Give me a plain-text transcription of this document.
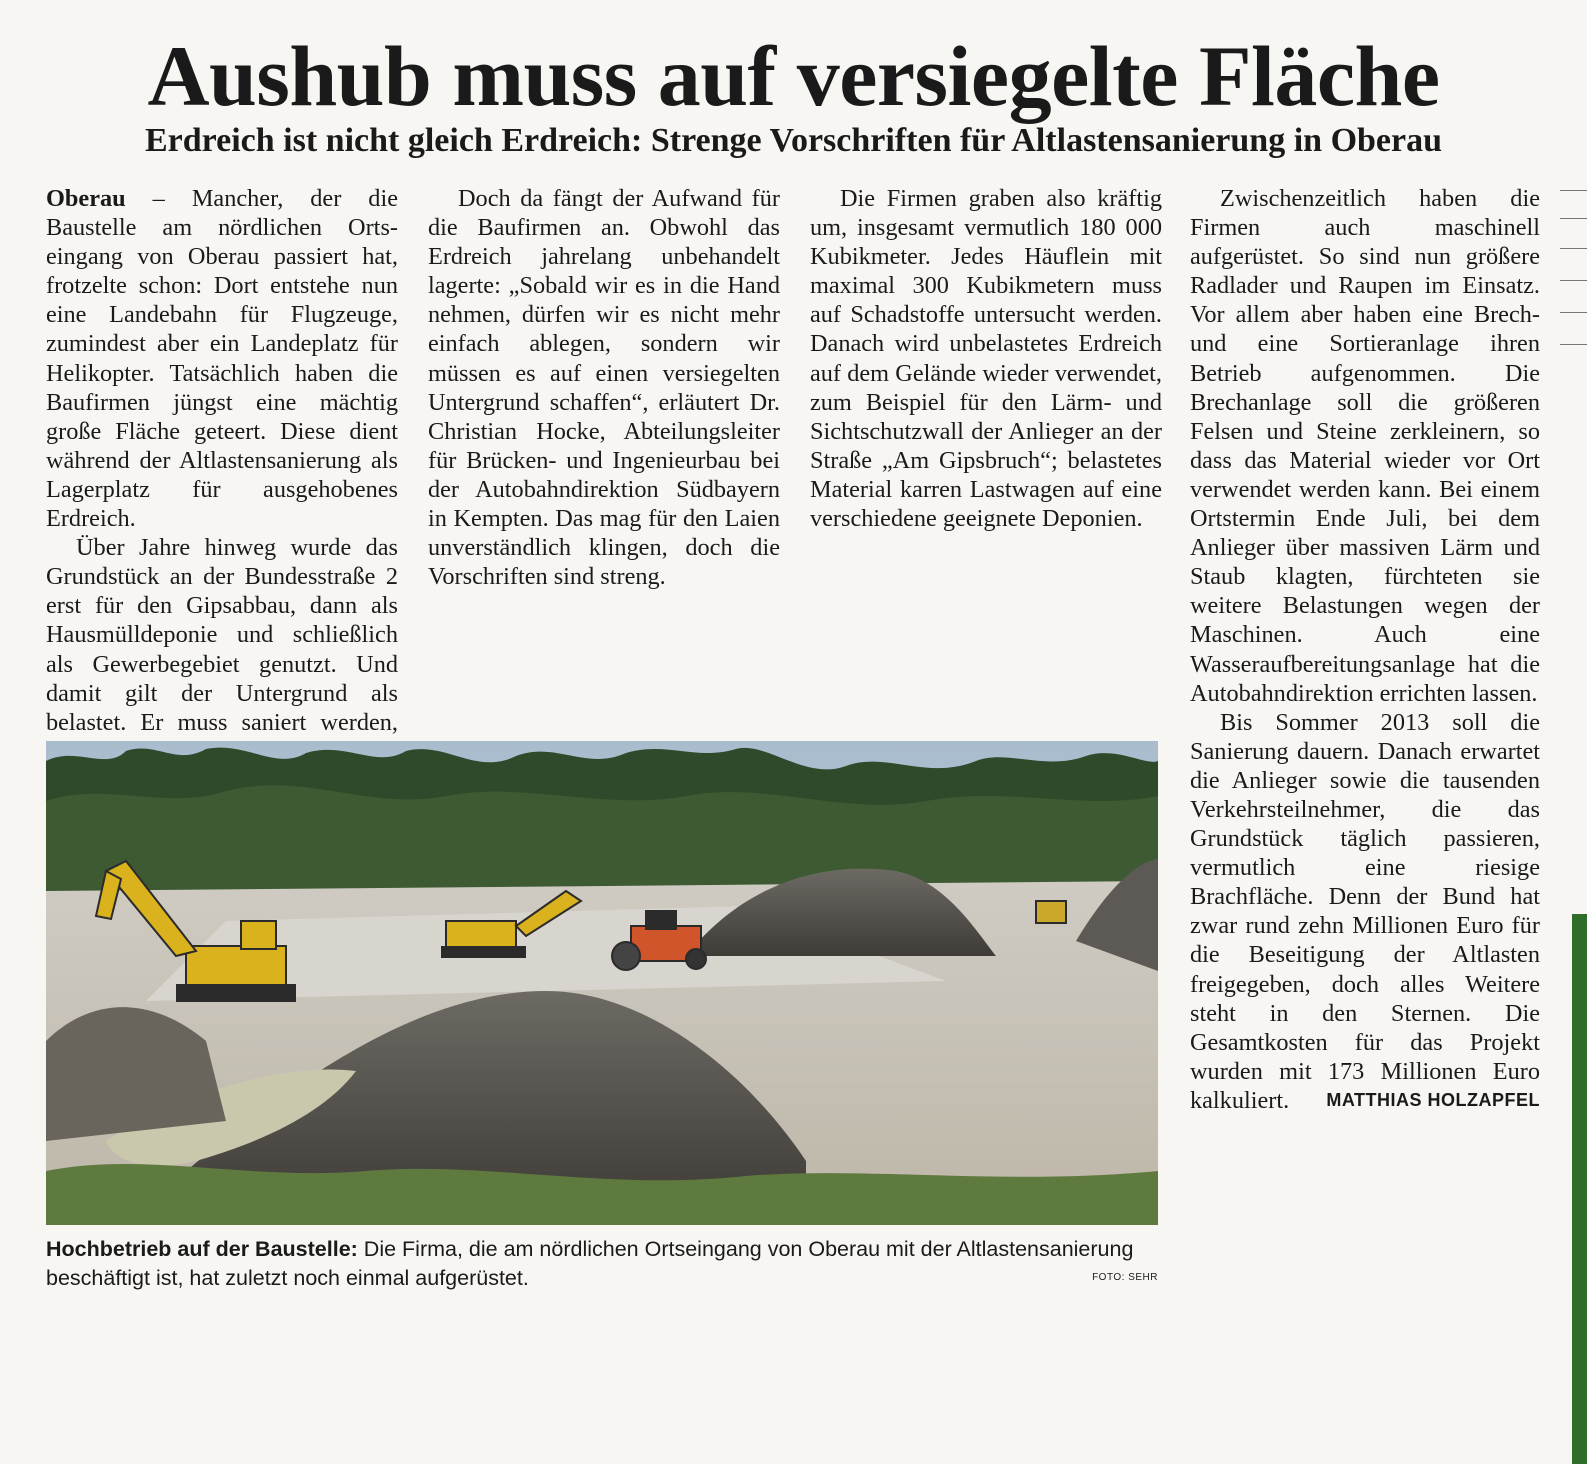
Aushub muss auf versiegelte Fläche
Erdreich ist nicht gleich Erdreich: Strenge Vorschriften für Altlastensanierung in Oberau

Oberau – Mancher, der die Baustelle am nördlichen Ortseingang von Oberau passiert hat, frotzelte schon: Dort entstehe nun eine Landebahn für Flugzeuge, zumindest aber ein Landeplatz für Helikopter. Tatsächlich haben die Baufirmen jüngst eine mächtig große Fläche geteert. Diese dient während der Altlastensanierung als Lagerplatz für ausgehobenes Erdreich.

Über Jahre hinweg wurde das Grundstück an der Bundesstraße 2 erst für den Gipsabbau, dann als Hausmülldeponie und schließlich als Gewerbegebiet genutzt. Und damit gilt der Untergrund als belastet. Er muss saniert werden,

Doch da fängt der Aufwand für die Baufirmen an. Obwohl das Erdreich jahrelang unbehandelt lagerte: „Sobald wir es in die Hand nehmen, dürfen wir es nicht mehr einfach ablegen, sondern wir müssen es auf einen versiegelten Untergrund schaffen“, erläutert Dr. Christian Hocke, Abteilungsleiter für Brücken- und Ingenieurbau bei der Autobahndirektion Südbayern in Kempten. Das mag für den Laien unverständlich klingen, doch die Vorschriften sind streng.

Die Firmen graben also kräftig um, insgesamt vermutlich 180 000 Kubikmeter. Jedes Häuflein mit maximal 300 Kubikmetern muss auf Schadstoffe untersucht werden. Danach wird unbelastetes Erdreich auf dem Gelände wieder verwendet, zum Beispiel für den Lärm- und Sichtschutzwall der Anlieger an der Straße „Am Gipsbruch“; belastetes Material karren Lastwagen auf eine verschiedene geeignete Deponien.

Zwischenzeitlich haben die Firmen auch maschinell aufgerüstet. So sind nun größere Radlader und Raupen im Einsatz. Vor allem aber haben eine Brech- und eine Sortieranlage ihren Betrieb aufgenommen. Die Brechanlage soll die größeren Felsen und Steine zerkleinern, so dass das Material wieder vor Ort verwendet werden kann. Bei einem Ortstermin Ende Juli, bei dem Anlieger über massiven Lärm und Staub klagten, fürchteten sie weitere Belastungen wegen der Maschinen. Auch eine Wasseraufbereitungsanlage hat die Autobahndirektion errichten lassen.

Bis Sommer 2013 soll die Sanierung dauern. Danach erwartet die Anlieger sowie die tausenden Verkehrsteilnehmer, die das Grundstück täglich passieren, vermutlich eine riesige Brachfläche. Denn der Bund hat zwar rund zehn Millionen Euro für die Beseitigung der Altlasten freigegeben, doch alles Weitere steht in den Sternen. Die Gesamtkosten für das Projekt wurden mit 173 Millionen Euro kalkuliert. MATTHIAS HOLZAPFEL

Hochbetrieb auf der Baustelle: Die Firma, die am nördlichen Ortseingang von Oberau mit der Altlastensanierung beschäftigt ist, hat zuletzt noch einmal aufgerüstet.	FOTO: SEHR
